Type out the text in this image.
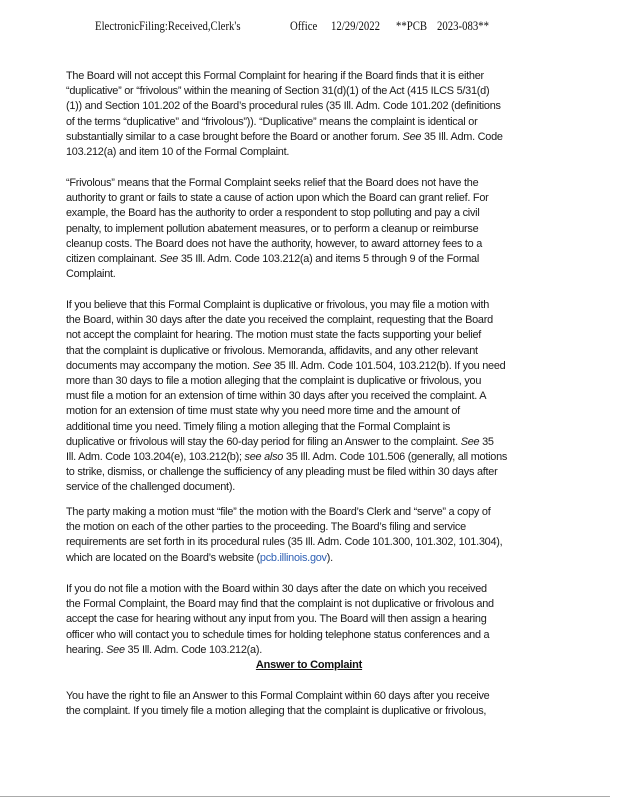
ElectronicFiling:Received,Clerk's	Office 12/29/2022 **PCB 2023-083**
The Board will not accept this Formal Complaint for hearing if the Board finds that it is either
“duplicative” or “frivolous” within the meaning of Section 31(d)(1) of the Act (415 ILCS 5/31(d)
(1)) and Section 101.202 of the Board’s procedural rules (35 Ill. Adm. Code 101.202 (definitions
of the terms “duplicative” and “frivolous”)). “Duplicative” means the complaint is identical or
substantially similar to a case brought before the Board or another forum. See 35 Ill. Adm. Code
103.212(a) and item 10 of the Formal Complaint.
“Frivolous” means that the Formal Complaint seeks relief that the Board does not have the
authority to grant or fails to state a cause of action upon which the Board can grant relief. For
example, the Board has the authority to order a respondent to stop polluting and pay a civil
penalty, to implement pollution abatement measures, or to perform a cleanup or reimburse
cleanup costs. The Board does not have the authority, however, to award attorney fees to a
citizen complainant. See 35 Ill. Adm. Code 103.212(a) and items 5 through 9 of the Formal
Complaint.
If you believe that this Formal Complaint is duplicative or frivolous, you may file a motion with
the Board, within 30 days after the date you received the complaint, requesting that the Board
not accept the complaint for hearing. The motion must state the facts supporting your belief
that the complaint is duplicative or frivolous. Memoranda, affidavits, and any other relevant
documents may accompany the motion. See 35 Ill. Adm. Code 101.504, 103.212(b). If you need
more than 30 days to file a motion alleging that the complaint is duplicative or frivolous, you
must file a motion for an extension of time within 30 days after you received the complaint. A
motion for an extension of time must state why you need more time and the amount of
additional time you need. Timely filing a motion alleging that the Formal Complaint is
duplicative or frivolous will stay the 60-day period for filing an Answer to the complaint. See 35
Ill. Adm. Code 103.204(e), 103.212(b); see also 35 Ill. Adm. Code 101.506 (generally, all motions
to strike, dismiss, or challenge the sufficiency of any pleading must be filed within 30 days after
service of the challenged document).
The party making a motion must “file” the motion with the Board’s Clerk and “serve” a copy of
the motion on each of the other parties to the proceeding. The Board’s filing and service
requirements are set forth in its procedural rules (35 Ill. Adm. Code 101.300, 101.302, 101.304),
which are located on the Board’s website (pcb.illinois.gov).
If you do not file a motion with the Board within 30 days after the date on which you received
the Formal Complaint, the Board may find that the complaint is not duplicative or frivolous and
accept the case for hearing without any input from you. The Board will then assign a hearing
officer who will contact you to schedule times for holding telephone status conferences and a
hearing. See 35 Ill. Adm. Code 103.212(a).
Answer to Complaint
You have the right to file an Answer to this Formal Complaint within 60 days after you receive
the complaint. If you timely file a motion alleging that the complaint is duplicative or frivolous,
